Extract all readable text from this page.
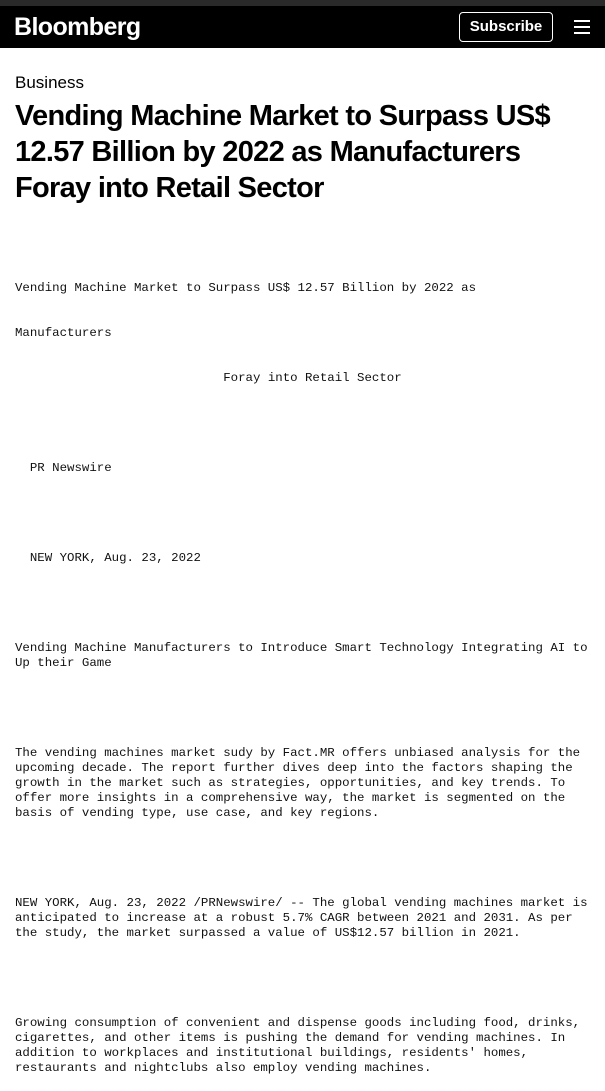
Bloomberg	Subscribe
Business
Vending Machine Market to Surpass US$ 12.57 Billion by 2022 as Manufacturers Foray into Retail Sector

Vending Machine Market to Surpass US$ 12.57 Billion by 2022 as

Manufacturers

Foray into Retail Sector

PR Newswire

NEW YORK, Aug. 23, 2022

Vending Machine Manufacturers to Introduce Smart Technology Integrating AI to Up their Game

The vending machines market sudy by Fact.MR offers unbiased analysis for the upcoming decade. The report further dives deep into the factors shaping the growth in the market such as strategies, opportunities, and key trends. To offer more insights in a comprehensive way, the market is segmented on the basis of vending type, use case, and key regions.

NEW YORK, Aug. 23, 2022 /PRNewswire/ -- The global vending machines market is anticipated to increase at a robust 5.7% CAGR between 2021 and 2031. As per the study, the market surpassed a value of US$12.57 billion in 2021.

Growing consumption of convenient and dispense goods including food, drinks, cigarettes, and other items is pushing the demand for vending machines. In addition to workplaces and institutional buildings, residents' homes, restaurants and nightclubs also employ vending machines.
